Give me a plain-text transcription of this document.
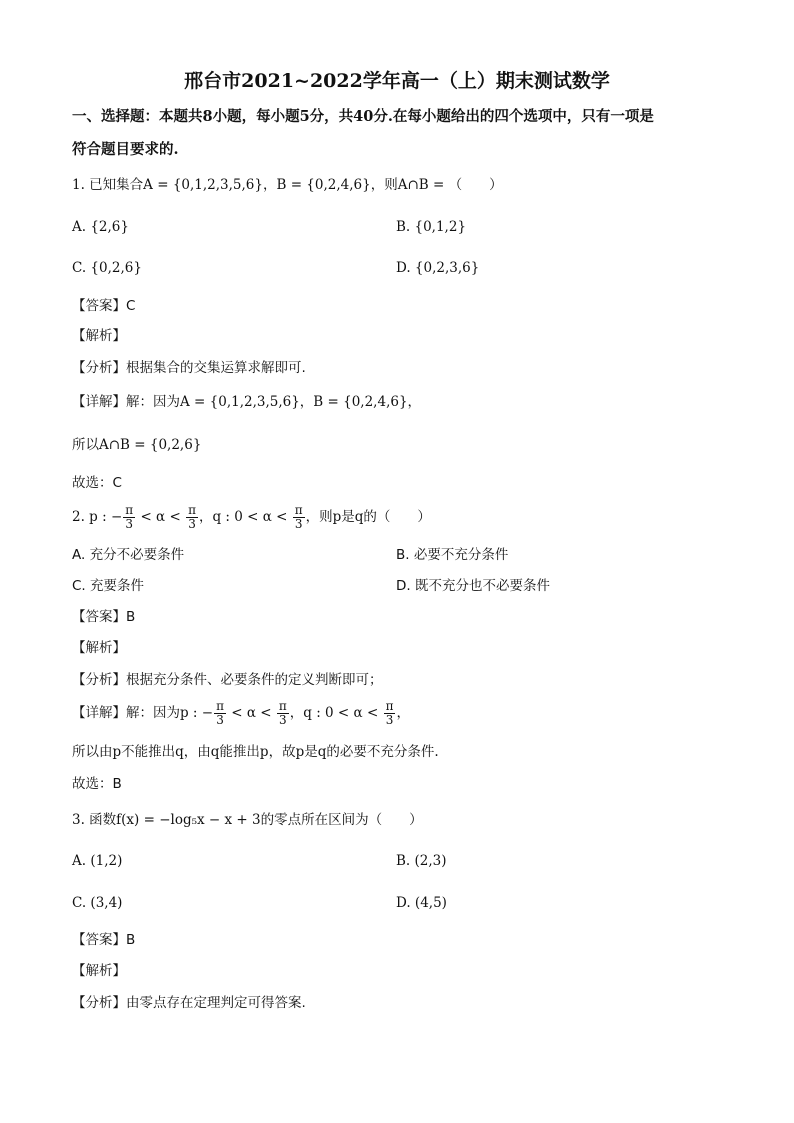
邢台市2021~2022学年高一（上）期末测试数学
一、选择题：本题共8小题，每小题5分，共40分.在每小题给出的四个选项中，只有一项是
符合题目要求的.
1. 已知集合A = {0,1,2,3,5,6}，B = {0,2,4,6}，则A∩B = （　　）
A. {2,6}	B. {0,1,2}
C. {0,2,6}	D. {0,2,3,6}
【答案】C
【解析】
【分析】根据集合的交集运算求解即可.
【详解】解：因为A = {0,1,2,3,5,6}，B = {0,2,4,6}，
所以A∩B = {0,2,6}
故选：C
2. p : − $\frac{\pi}{3} < \alpha < \frac{\pi}{3}$ ，q : $0 < \alpha < \frac{\pi}{3}$ ，则p是q的（　　）
A. 充分不必要条件	B. 必要不充分条件
C. 充要条件	D. 既不充分也不必要条件
【答案】B
【解析】
【分析】根据充分条件、必要条件的定义判断即可；
【详解】解：因为p : − $\frac{\pi}{3} < \alpha < \frac{\pi}{3}$ ，q : $0 < \alpha < \frac{\pi}{3}$ ，
所以由p不能推出q，由q能推出p，故p是q的必要不充分条件.
故选：B
3. 函数f(x) = −log₅x − x + 3的零点所在区间为（　　）
A. (1,2)	B. (2,3)
C. (3,4)	D. (4,5)
【答案】B
【解析】
【分析】由零点存在定理判定可得答案.
